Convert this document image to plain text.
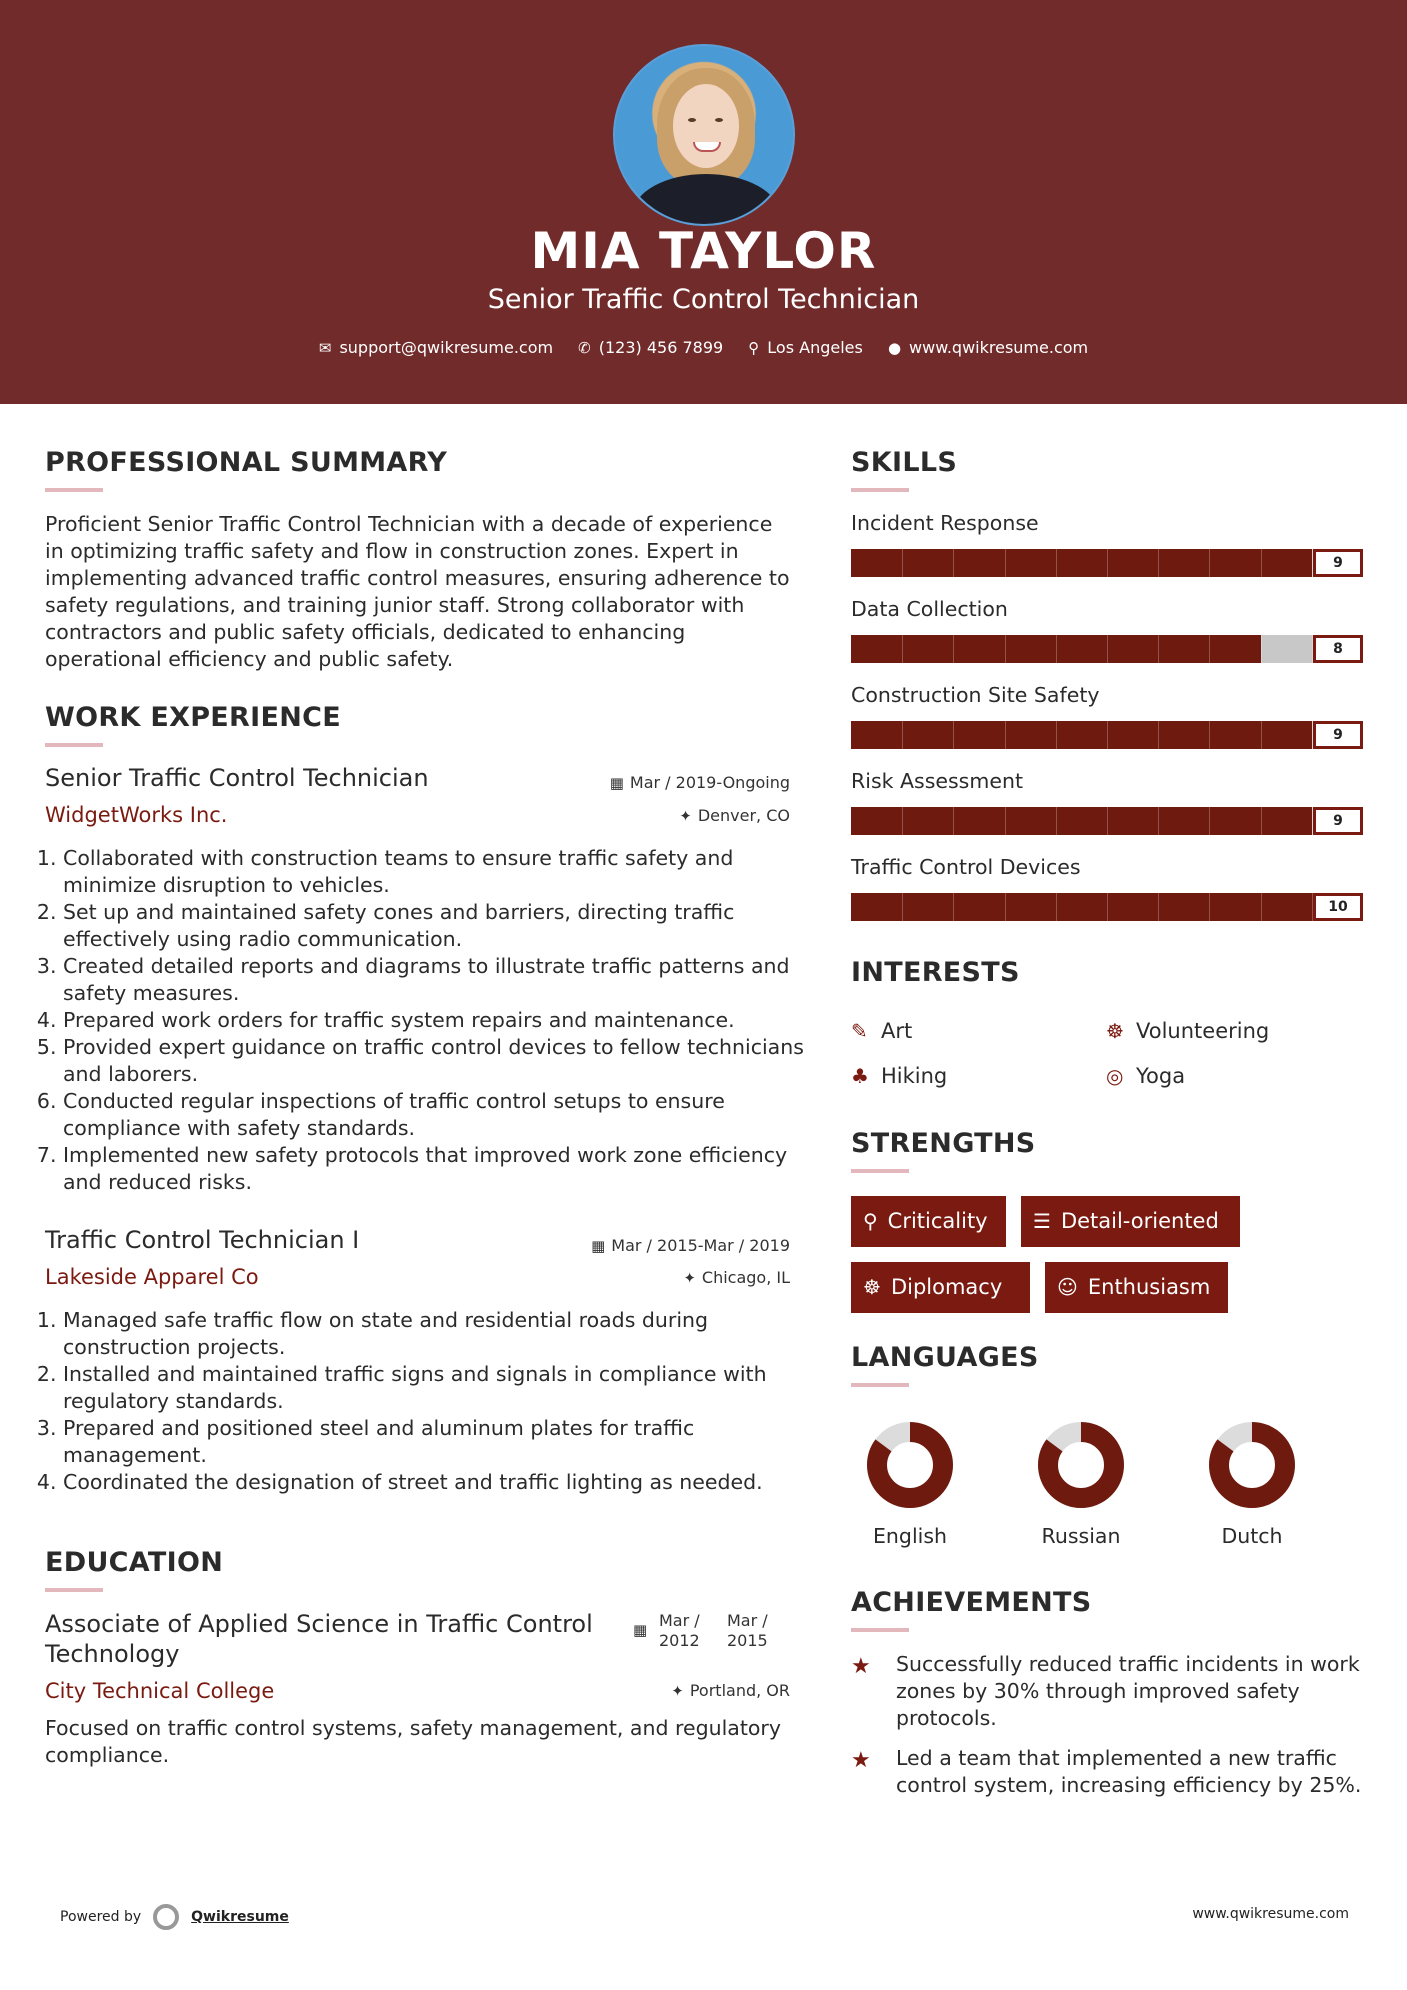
MIA TAYLOR
Senior Traffic Control Technician
✉ support@qwikresume.com ✆ (123) 456 7899 ⚲ Los Angeles ● www.qwikresume.com
PROFESSIONAL SUMMARY
Proficient Senior Traffic Control Technician with a decade of experience in optimizing traffic safety and flow in construction zones. Expert in implementing advanced traffic control measures, ensuring adherence to safety regulations, and training junior staff. Strong collaborator with contractors and public safety officials, dedicated to enhancing operational efficiency and public safety.
WORK EXPERIENCE
Senior Traffic Control Technician	▦ Mar / 2019-Ongoing
WidgetWorks Inc.	✦ Denver, CO
1. Collaborated with construction teams to ensure traffic safety and minimize disruption to vehicles.
2. Set up and maintained safety cones and barriers, directing traffic effectively using radio communication.
3. Created detailed reports and diagrams to illustrate traffic patterns and safety measures.
4. Prepared work orders for traffic system repairs and maintenance.
5. Provided expert guidance on traffic control devices to fellow technicians and laborers.
6. Conducted regular inspections of traffic control setups to ensure compliance with safety standards.
7. Implemented new safety protocols that improved work zone efficiency and reduced risks.
Traffic Control Technician I	▦ Mar / 2015-Mar / 2019
Lakeside Apparel Co	✦ Chicago, IL
1. Managed safe traffic flow on state and residential roads during construction projects.
2. Installed and maintained traffic signs and signals in compliance with regulatory standards.
3. Prepared and positioned steel and aluminum plates for traffic management.
4. Coordinated the designation of street and traffic lighting as needed.
EDUCATION
Associate of Applied Science in Traffic Control Technology
▦ Mar /
2012
Mar /
2015
City Technical College	✦ Portland, OR
Focused on traffic control systems, safety management, and regulatory compliance.
SKILLS
Incident Response
9
Data Collection
8
Construction Site Safety
9
Risk Assessment
9
Traffic Control Devices
10
INTERESTS
✎ Art	☸ Volunteering
♣ Hiking	◎ Yoga
STRENGTHS
⚲ Criticality	☰ Detail-oriented
☸ Diplomacy	☺ Enthusiasm
LANGUAGES
English	Russian	Dutch
ACHIEVEMENTS
★ Successfully reduced traffic incidents in work zones by 30% through improved safety protocols.
★ Led a team that implemented a new traffic control system, increasing efficiency by 25%.
Powered by	Qwikresume	www.qwikresume.com
